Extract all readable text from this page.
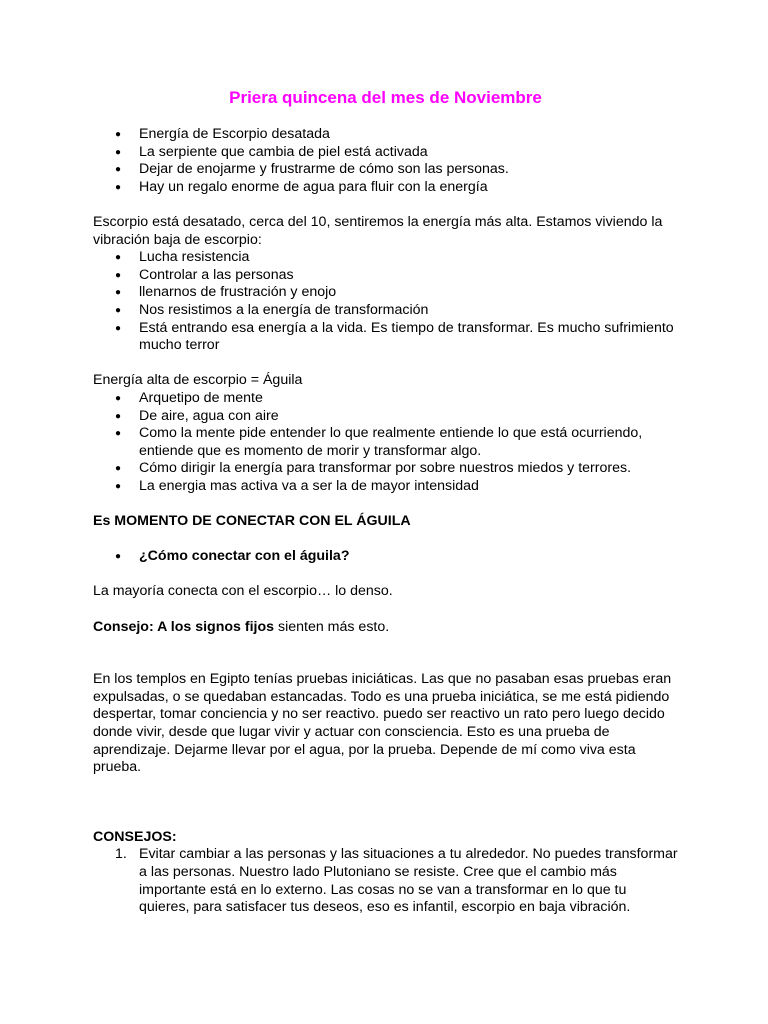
Priera quincena del mes de Noviembre
● Energía de Escorpio desatada
● La serpiente que cambia de piel está activada
● Dejar de enojarme y frustrarme de cómo son las personas.
● Hay un regalo enorme de agua para fluir con la energía

Escorpio está desatado, cerca del 10, sentiremos la energía más alta. Estamos viviendo la vibración baja de escorpio:

● Lucha resistencia
● Controlar a las personas
● llenarnos de frustración y enojo
● Nos resistimos a la energía de transformación
● Está entrando esa energía a la vida. Es tiempo de transformar. Es mucho sufrimiento mucho terror

Energía alta de escorpio = Águila

● Arquetipo de mente
● De aire, agua con aire
● Como la mente pide entender lo que realmente entiende lo que está ocurriendo, entiende que es momento de morir y transformar algo.
● Cómo dirigir la energía para transformar por sobre nuestros miedos y terrores.
● La energia mas activa va a ser la de mayor intensidad

Es MOMENTO DE CONECTAR CON EL ÁGUILA

● ¿Cómo conectar con el águila?

La mayoría conecta con el escorpio… lo denso.

Consejo: A los signos fijos sienten más esto.

En los templos en Egipto tenías pruebas iniciáticas. Las que no pasaban esas pruebas eran expulsadas, o se quedaban estancadas. Todo es una prueba iniciática, se me está pidiendo despertar, tomar conciencia y no ser reactivo. puedo ser reactivo un rato pero luego decido donde vivir, desde que lugar vivir y actuar con consciencia. Esto es una prueba de aprendizaje. Dejarme llevar por el agua, por la prueba. Depende de mí como viva esta prueba.

CONSEJOS:

1. Evitar cambiar a las personas y las situaciones a tu alrededor. No puedes transformar a las personas. Nuestro lado Plutoniano se resiste. Cree que el cambio más importante está en lo externo. Las cosas no se van a transformar en lo que tu quieres, para satisfacer tus deseos, eso es infantil, escorpio en baja vibración.
